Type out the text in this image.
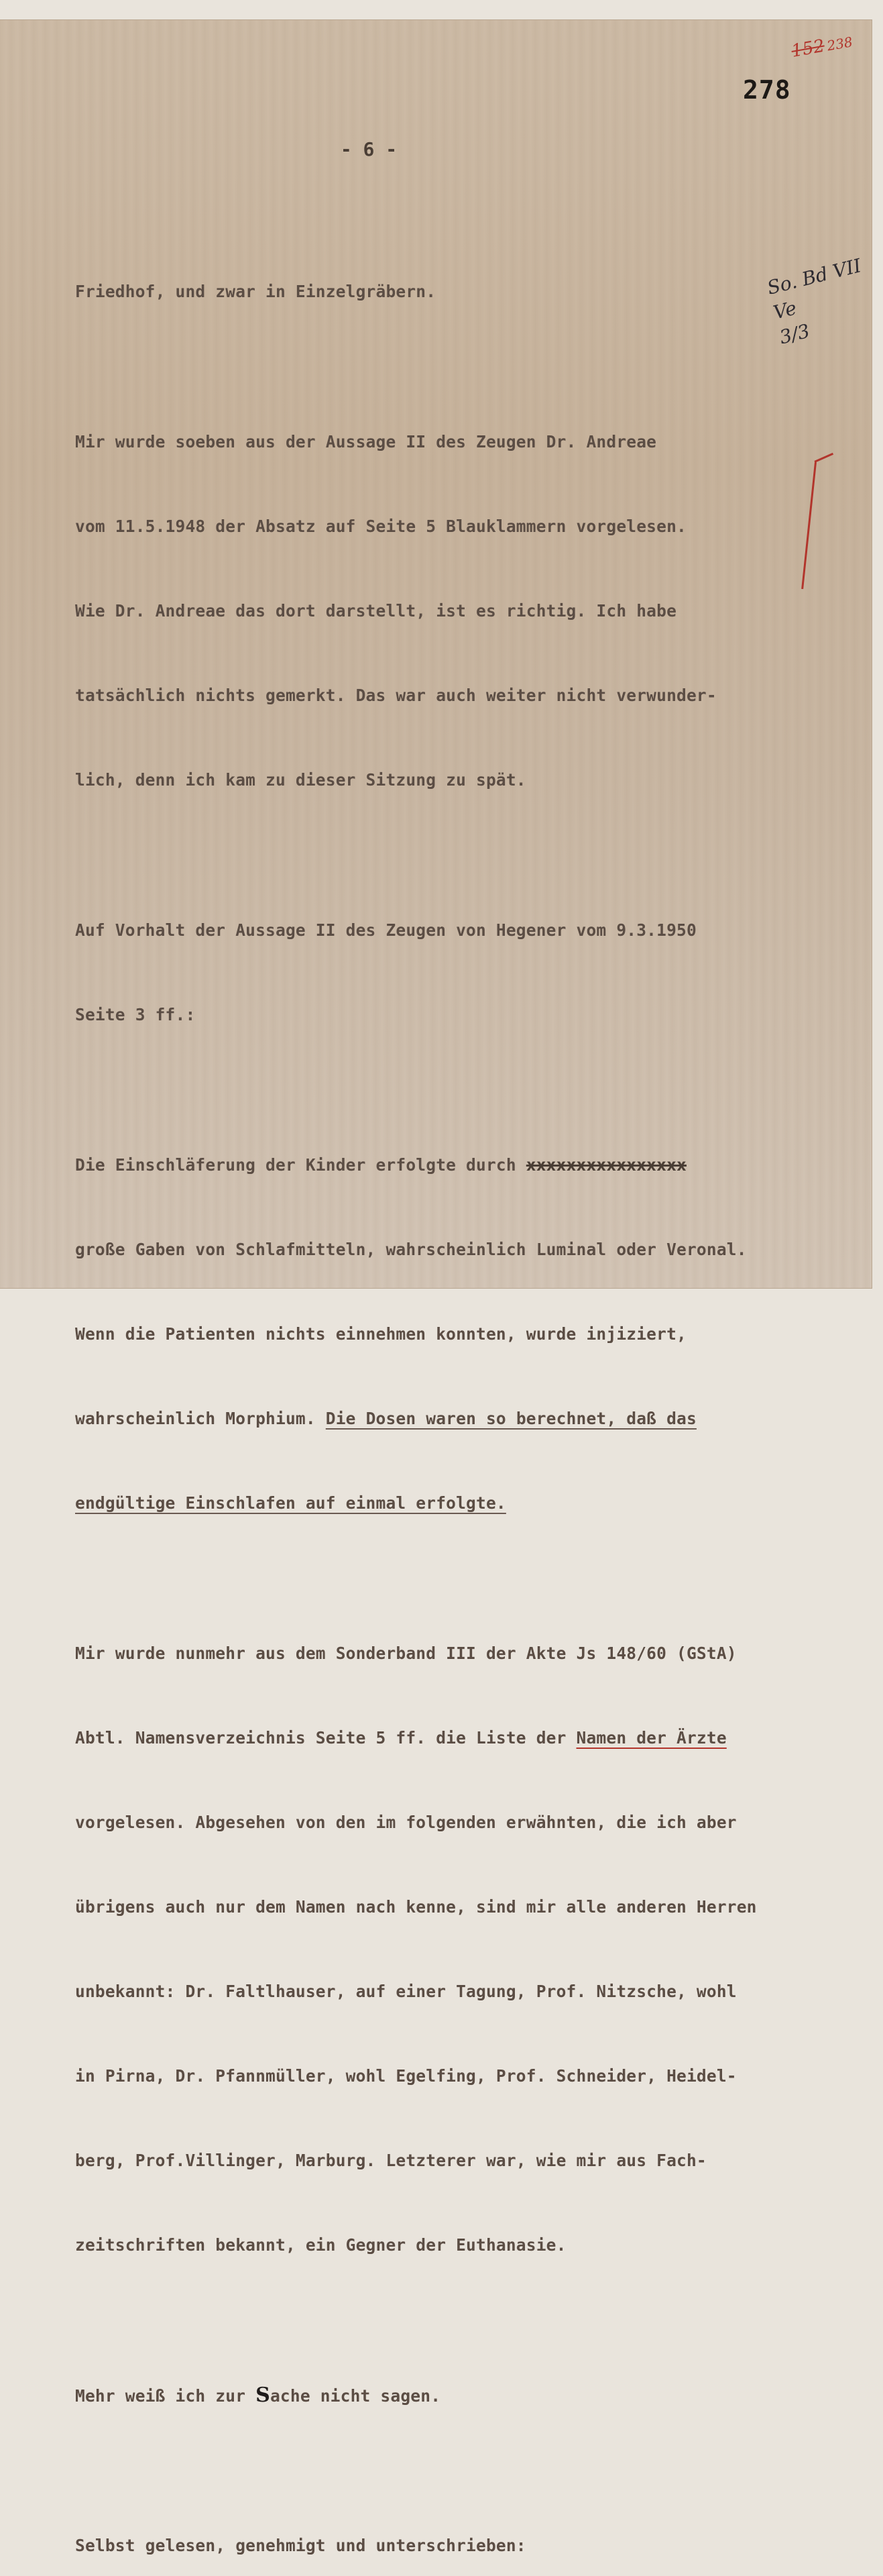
152238
278
- 6 -
So. Bd VII
Ve
3/3

Friedhof, und zwar in Einzelgräbern.

Mir wurde soeben aus der Aussage II des Zeugen Dr. Andreae

vom 11.5.1948 der Absatz auf Seite 5 Blauklammern vorgelesen.

Wie Dr. Andreae das dort darstellt, ist es richtig. Ich habe

tatsächlich nichts gemerkt. Das war auch weiter nicht verwunder-

lich, denn ich kam zu dieser Sitzung zu spät.

Auf Vorhalt der Aussage II des Zeugen von Hegener vom 9.3.1950

Seite 3 ff.:

Die Einschläferung der Kinder erfolgte durch xxxxxxxxxxxxxxxx

große Gaben von Schlafmitteln, wahrscheinlich Luminal oder Veronal.

Wenn die Patienten nichts einnehmen konnten, wurde injiziert,

wahrscheinlich Morphium. Die Dosen waren so berechnet, daß das

endgültige Einschlafen auf einmal erfolgte.

Mir wurde nunmehr aus dem Sonderband III der Akte Js 148/60 (GStA)

Abtl. Namensverzeichnis Seite 5 ff. die Liste der Namen der Ärzte

vorgelesen. Abgesehen von den im folgenden erwähnten, die ich aber

übrigens auch nur dem Namen nach kenne, sind mir alle anderen Herren

unbekannt: Dr. Faltlhauser, auf einer Tagung, Prof. Nitzsche, wohl

in Pirna, Dr. Pfannmüller, wohl Egelfing, Prof. Schneider, Heidel-

berg, Prof.Villinger, Marburg. Letzterer war, wie mir aus Fach-

zeitschriften bekannt, ein Gegner der Euthanasie.

Mehr weiß ich zur Sache nicht sagen.

Selbst gelesen, genehmigt und unterschrieben:
